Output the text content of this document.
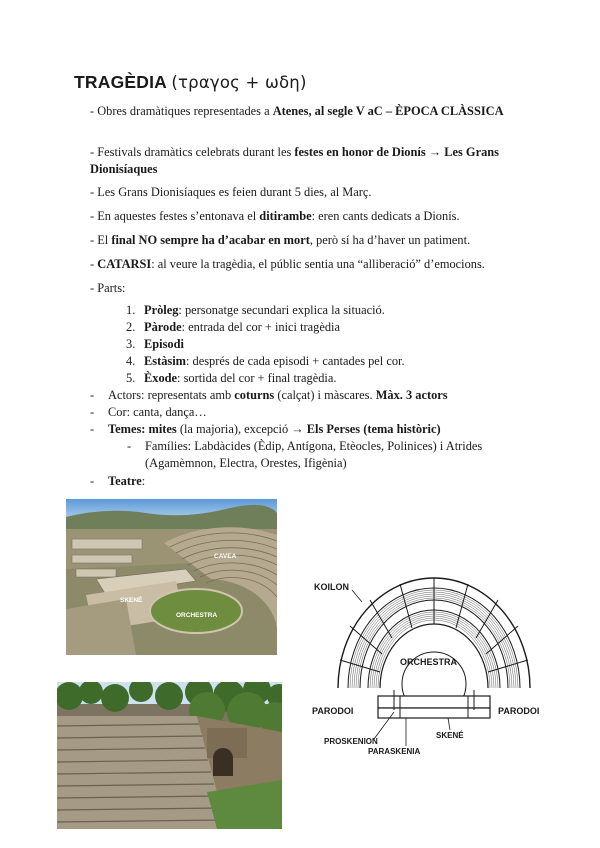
TRAGÈDIA (τραγος + ωδη)
- Obres dramàtiques representades a Atenes, al segle V aC – ÈPOCA CLÀSSICA
- Festivals dramàtics celebrats durant les festes en honor de Dionís → Les Grans Dionisíaques
- Les Grans Dionisíaques es feien durant 5 dies, al Març.
- En aquestes festes s’entonava el ditirambe: eren cants dedicats a Dionís.
- El final NO sempre ha d’acabar en mort, però sí ha d’haver un patiment.
- CATARSI: al veure la tragèdia, el públic sentia una “alliberació” d’emocions.
- Parts:
1. Pròleg: personatge secundari explica la situació.
2. Pàrode: entrada del cor + inici tragèdia
3. Episodi
4. Estàsim: després de cada episodi + cantades pel cor.
5. Èxode: sortida del cor + final tragèdia.
- Actors: representats amb coturns (calçat) i màscares. Màx. 3 actors
- Cor: canta, dança…
- Temes: mites (la majoria), excepció → Els Perses (tema històric)
-	Famílies: Labdàcides (Èdip, Antígona, Etèocles, Polinices) i Atrides (Agamèmnon, Electra, Orestes, Ifigènia)
- Teatre:
CAVEA
SKENÉ
ORCHESTRA
ORCHESTRA
KOILON
PARODOI	PARODOI
PROSKENION
SKENÉ
PARASKENIA
